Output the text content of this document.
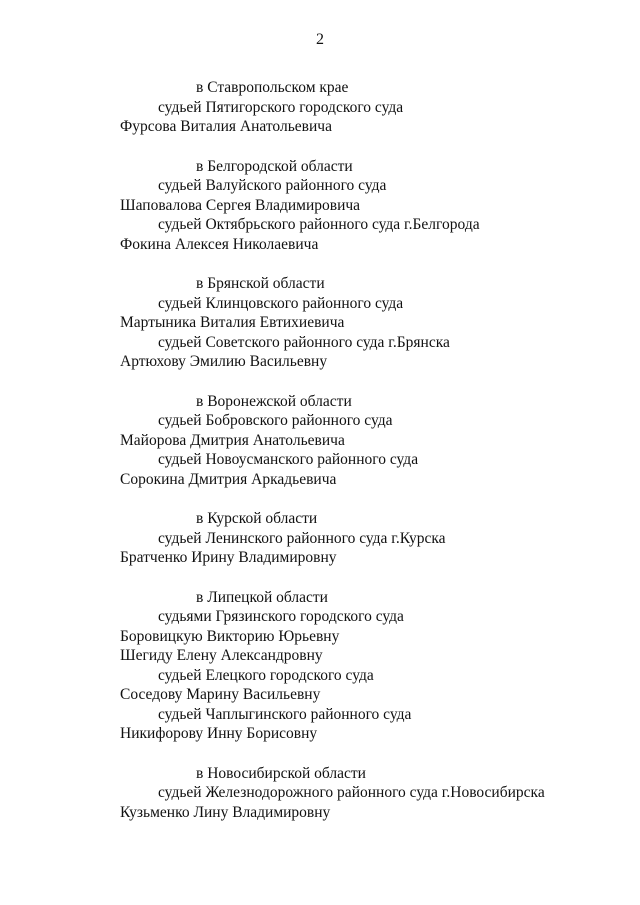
2
в Ставропольском крае
судьей Пятигорского городского суда
Фурсова Виталия Анатольевича
в Белгородской области
судьей Валуйского районного суда
Шаповалова Сергея Владимировича
судьей Октябрьского районного суда г.Белгорода
Фокина Алексея Николаевича
в Брянской области
судьей Клинцовского районного суда
Мартыника Виталия Евтихиевича
судьей Советского районного суда г.Брянска
Артюхову Эмилию Васильевну
в Воронежской области
судьей Бобровского районного суда
Майорова Дмитрия Анатольевича
судьей Новоусманского районного суда
Сорокина Дмитрия Аркадьевича
в Курской области
судьей Ленинского районного суда г.Курска
Братченко Ирину Владимировну
в Липецкой области
судьями Грязинского городского суда
Боровицкую Викторию Юрьевну
Шегиду Елену Александровну
судьей Елецкого городского суда
Соседову Марину Васильевну
судьей Чаплыгинского районного суда
Никифорову Инну Борисовну
в Новосибирской области
судьей Железнодорожного районного суда г.Новосибирска
Кузьменко Лину Владимировну
